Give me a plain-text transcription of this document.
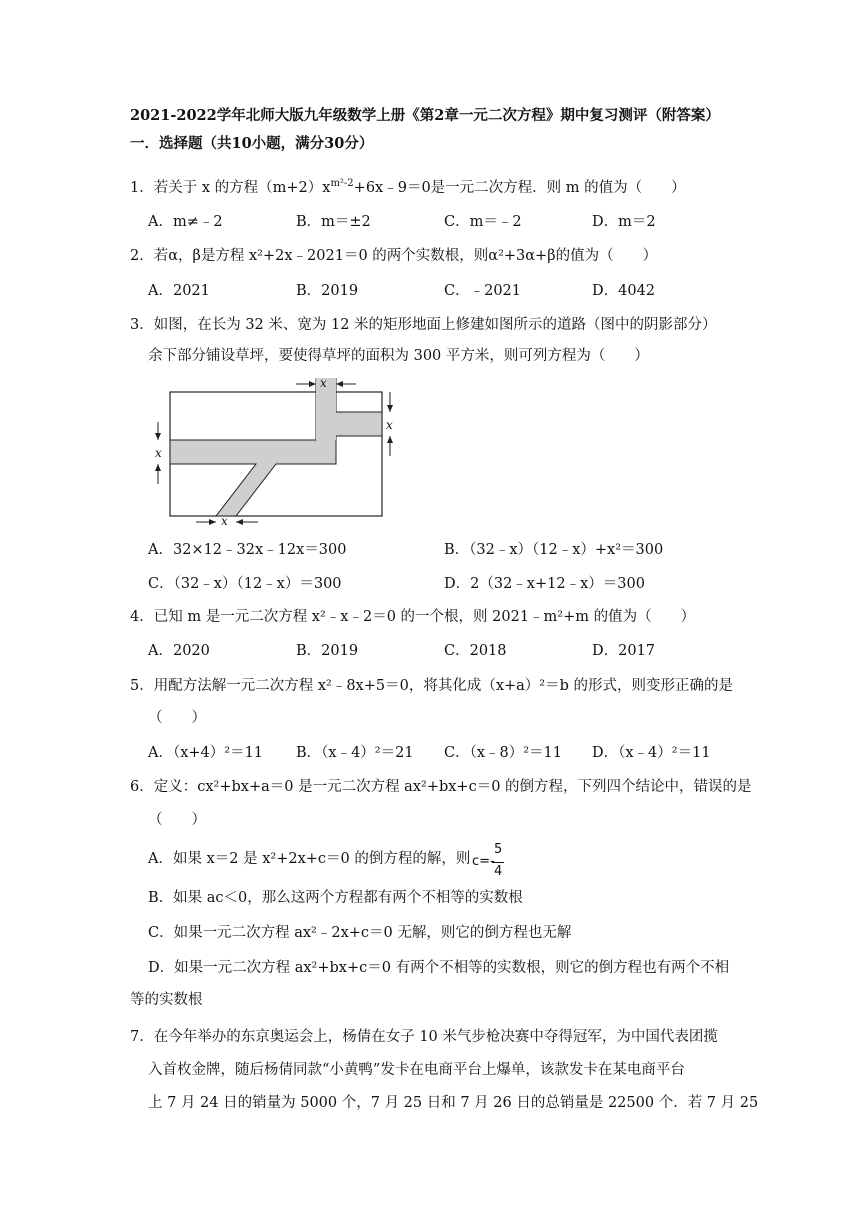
2021-2022学年北师大版九年级数学上册《第2章一元二次方程》期中复习测评（附答案）
一．选择题（共10小题，满分30分）
1．若关于 x 的方程$(m+2)x^{m^2-2}+6x﹣9=0$是一元二次方程．则 m 的值为（　　）
A．m≠﹣2	B．m＝±2	C．m＝﹣2	D．m＝2
2．若α，β是方程 x²+2x﹣2021＝0 的两个实数根，则α²+3α+β的值为（　　）
A．2021	B．2019	C．﹣2021	D．4042
3．如图，在长为 32 米、宽为 12 米的矩形地面上修建如图所示的道路（图中的阴影部分）
余下部分铺设草坪，要使得草坪的面积为 300 平方米，则可列方程为（　　）
x
x
x
x
A．32×12﹣32x﹣12x＝300	B．（32﹣x）（12﹣x）+x²＝300
C．（32﹣x）（12﹣x）＝300	D．2（32﹣x+12﹣x）＝300
4．已知 m 是一元二次方程 x²﹣x﹣2＝0 的一个根，则 2021﹣m²+m 的值为（　　）
A．2020	B．2019	C．2018	D．2017
5．用配方法解一元二次方程 x²﹣8x+5＝0，将其化成（x+a）²＝b 的形式，则变形正确的是
（　　）
A．（x+4）²＝11 B．（x﹣4）²＝21 C．（x﹣8）²＝11 D．（x﹣4）²＝11
6．定义：cx²+bx+a＝0 是一元二次方程 ax²+bx+c＝0 的倒方程，下列四个结论中，错误的是
（　　）
A．如果 x＝2 是 x²+2x+c＝0 的倒方程的解，则 c=-
5
4
B．如果 ac＜0，那么这两个方程都有两个不相等的实数根
C．如果一元二次方程 ax²﹣2x+c＝0 无解，则它的倒方程也无解
D．如果一元二次方程 ax²+bx+c＝0 有两个不相等的实数根，则它的倒方程也有两个不相
等的实数根
7．在今年举办的东京奥运会上，杨倩在女子 10 米气步枪决赛中夺得冠军，为中国代表团揽
入首枚金牌，随后杨倩同款“小黄鸭”发卡在电商平台上爆单，该款发卡在某电商平台
上 7 月 24 日的销量为 5000 个，7 月 25 日和 7 月 26 日的总销量是 22500 个．若 7 月 25
